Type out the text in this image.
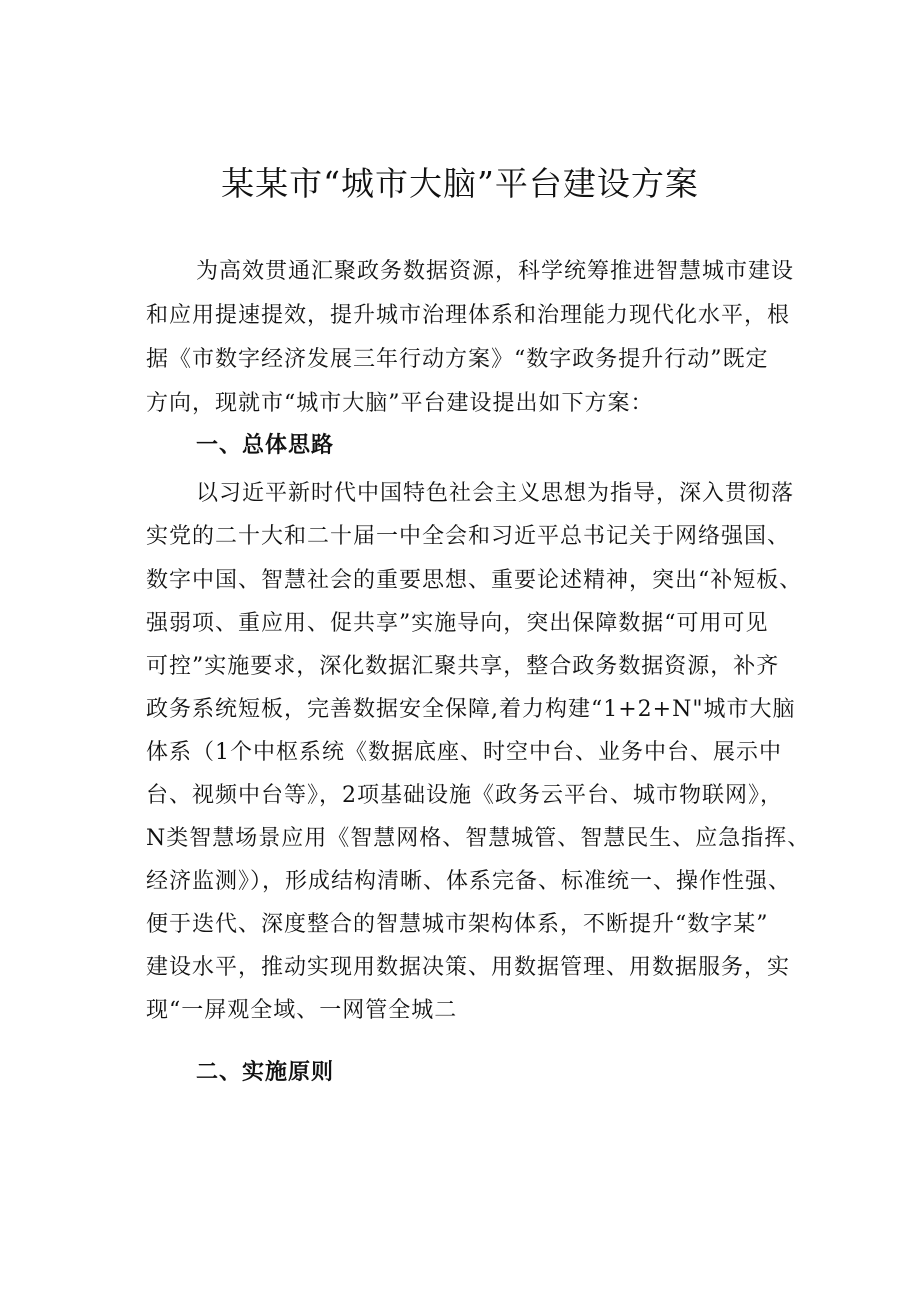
某某市“城市大脑”平台建设方案

为高效贯通汇聚政务数据资源，科学统筹推进智慧城市建设

和应用提速提效，提升城市治理体系和治理能力现代化水平，根

据《市数字经济发展三年行动方案》“数字政务提升行动”既定

方向，现就市“城市大脑”平台建设提出如下方案：

一、总体思路

以习近平新时代中国特色社会主义思想为指导，深入贯彻落

实党的二十大和二十届一中全会和习近平总书记关于网络强国、

数字中国、智慧社会的重要思想、重要论述精神，突出“补短板、

强弱项、重应用、促共享”实施导向，突出保障数据“可用可见

可控”实施要求，深化数据汇聚共享，整合政务数据资源，补齐

政务系统短板，完善数据安全保障,着力构建“1+2+N"城市大脑

体系（1个中枢系统《数据底座、时空中台、业务中台、展示中

台、视频中台等》，2项基础设施《政务云平台、城市物联网》，

N类智慧场景应用《智慧网格、智慧城管、智慧民生、应急指挥、

经济监测》），形成结构清晰、体系完备、标准统一、操作性强、

便于迭代、深度整合的智慧城市架构体系，不断提升“数字某”

建设水平，推动实现用数据决策、用数据管理、用数据服务，实

现“一屏观全域、一网管全城二

二、实施原则
